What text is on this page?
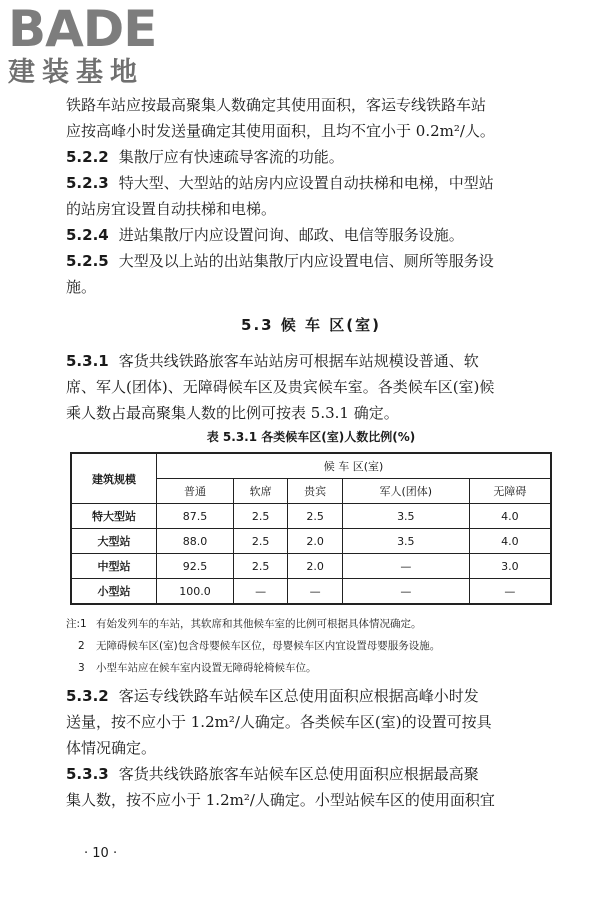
BADE
建装基地
铁路车站应按最高聚集人数确定其使用面积，客运专线铁路车站
应按高峰小时发送量确定其使用面积，且均不宜小于 0.2m²/人。
5.2.2 集散厅应有快速疏导客流的功能。
5.2.3 特大型、大型站的站房内应设置自动扶梯和电梯，中型站
的站房宜设置自动扶梯和电梯。
5.2.4 进站集散厅内应设置问询、邮政、电信等服务设施。
5.2.5 大型及以上站的出站集散厅内应设置电信、厕所等服务设
施。
5.3 候 车 区(室)
5.3.1 客货共线铁路旅客车站站房可根据车站规模设普通、软
席、军人(团体)、无障碍候车区及贵宾候车室。各类候车区(室)候
乘人数占最高聚集人数的比例可按表 5.3.1 确定。
表 5.3.1 各类候车区(室)人数比例(%)
建筑规模	候 车 区(室)				
	普通	软席	贵宾	军人(团体)	无障碍
特大型站	87.5	2.5	2.5	3.5	4.0
大型站	88.0	2.5	2.0	3.5	4.0
中型站	92.5	2.5	2.0	—	3.0
小型站	100.0	—	—	—	—
注:1 有始发列车的车站，其软席和其他候车室的比例可根据具体情况确定。
2 无障碍候车区(室)包含母婴候车区位，母婴候车区内宜设置母婴服务设施。
3 小型车站应在候车室内设置无障碍轮椅候车位。
5.3.2 客运专线铁路车站候车区总使用面积应根据高峰小时发
送量，按不应小于 1.2m²/人确定。各类候车区(室)的设置可按具
体情况确定。
5.3.3 客货共线铁路旅客车站候车区总使用面积应根据最高聚
集人数，按不应小于 1.2m²/人确定。小型站候车区的使用面积宜
· 10 ·
